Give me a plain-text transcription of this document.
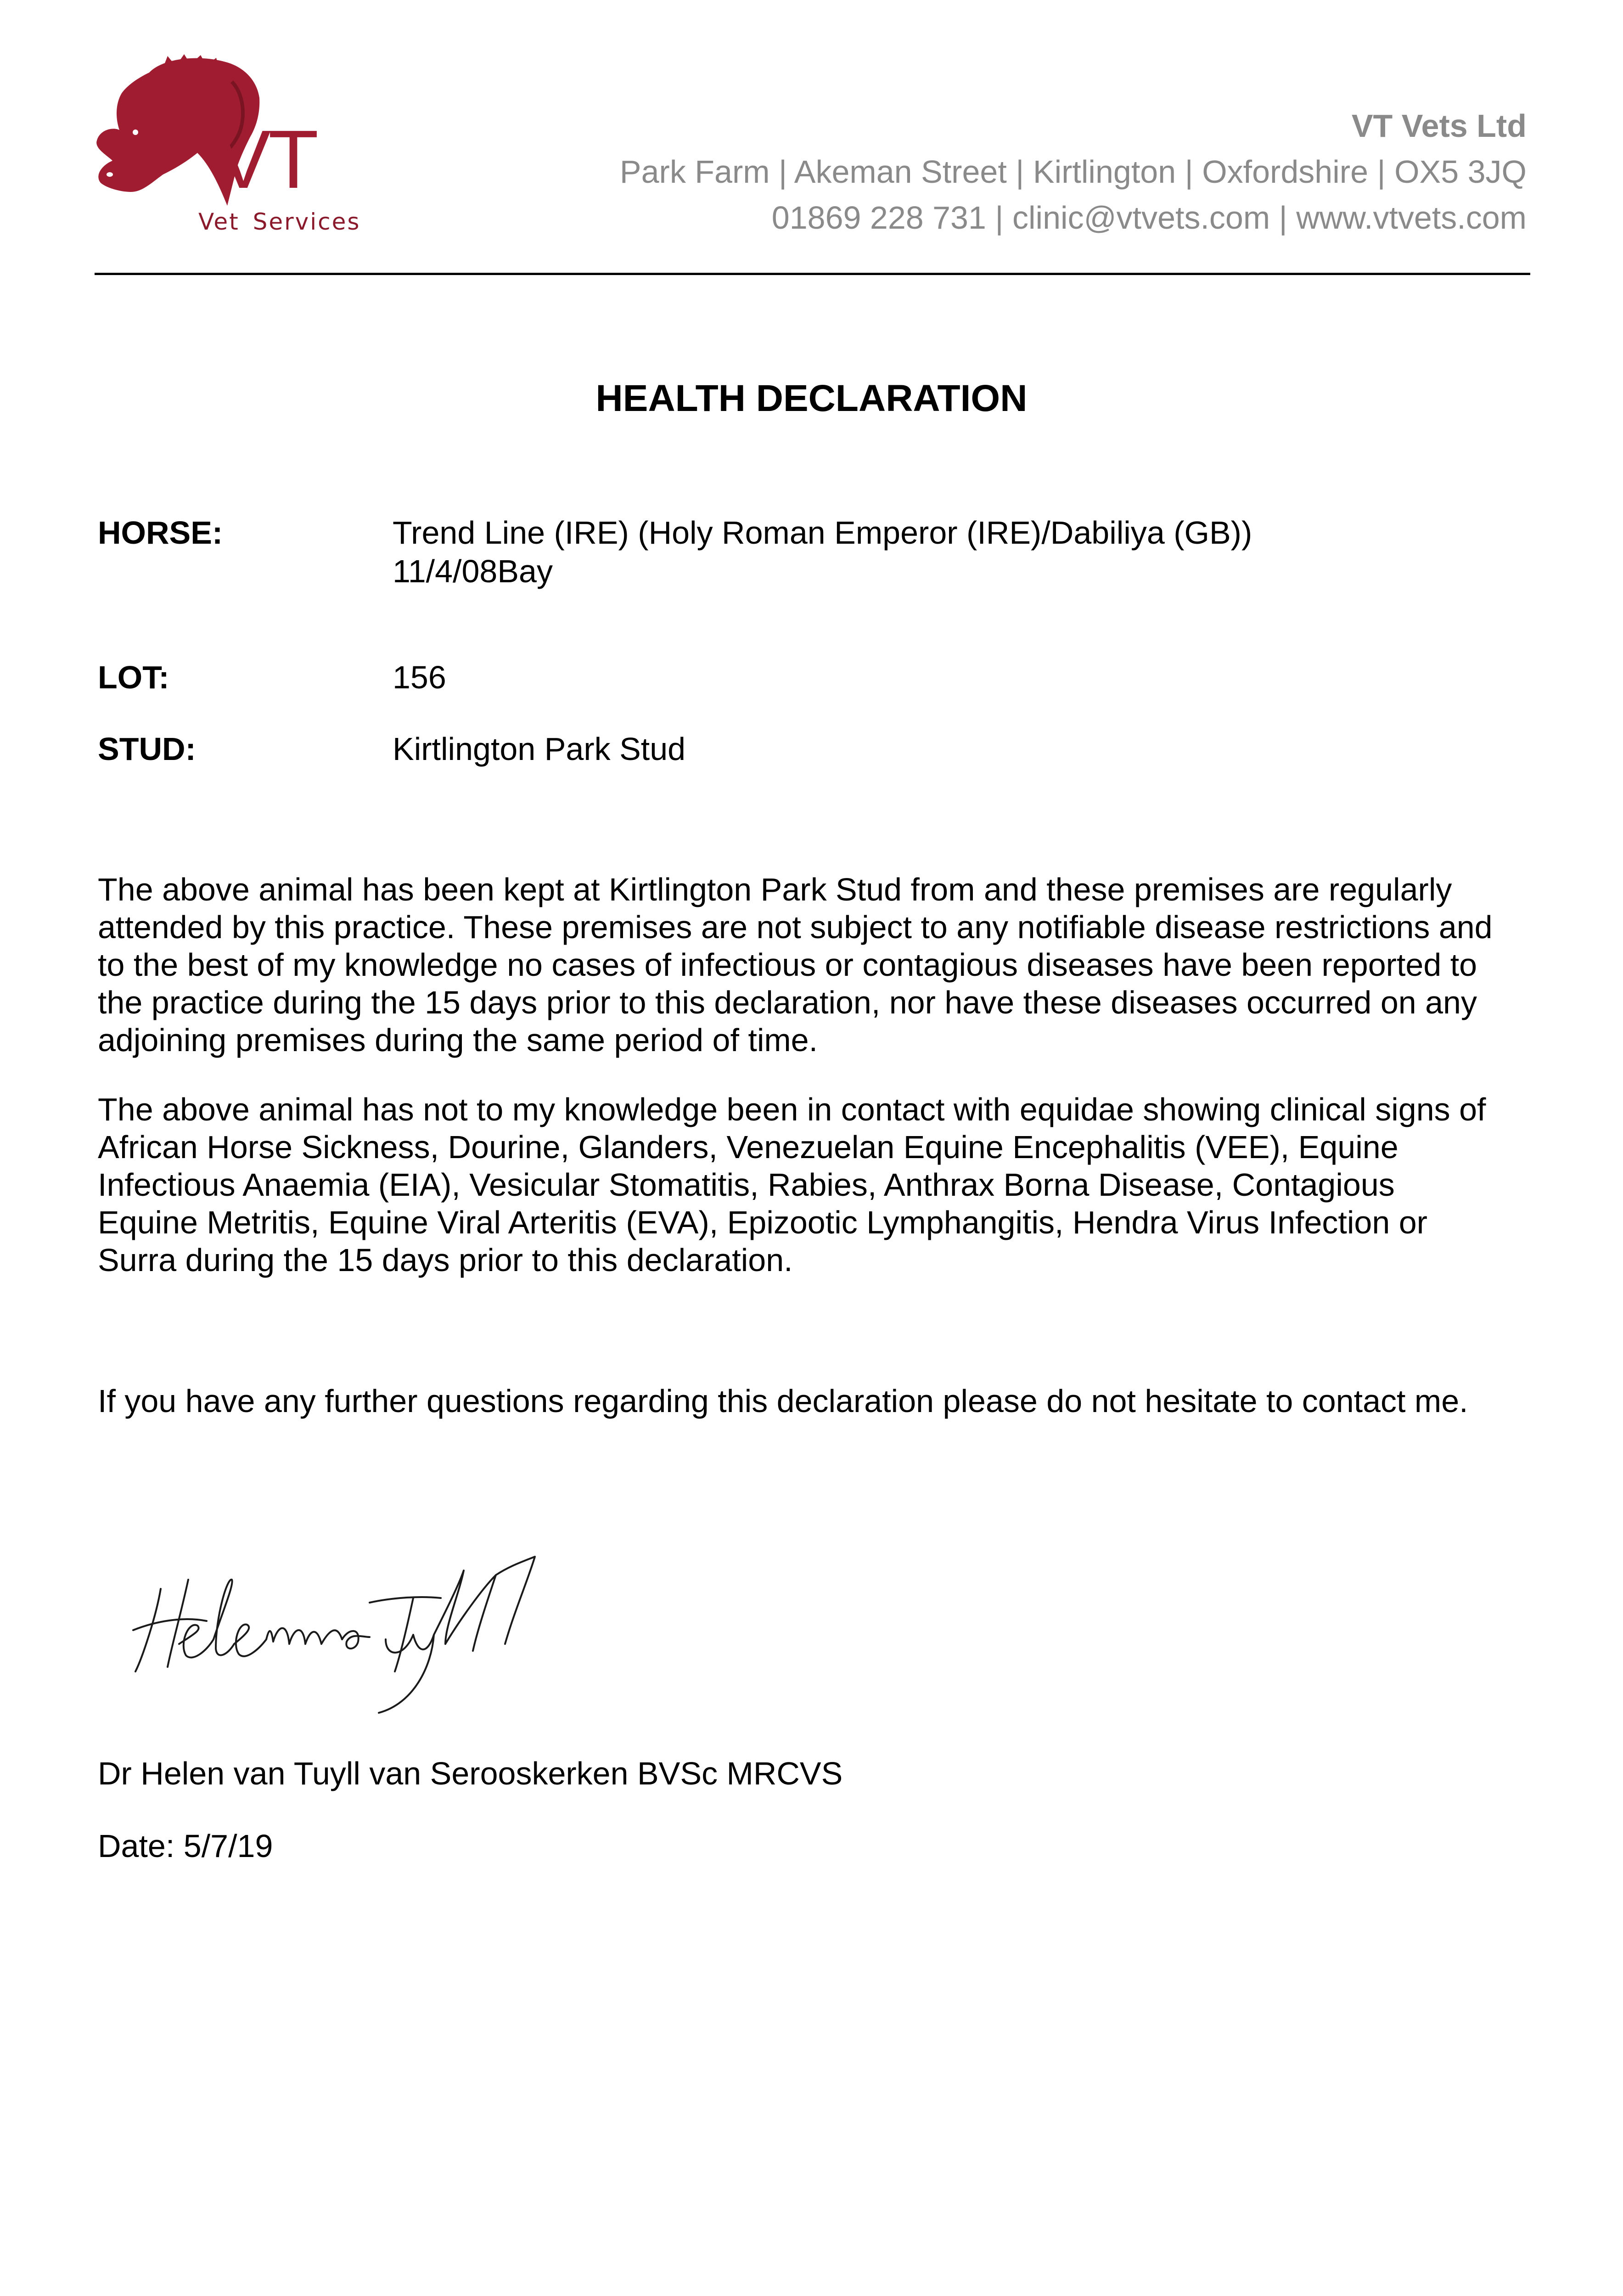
VT
Vet Services
VT Vets Ltd
Park Farm | Akeman Street | Kirtlington | Oxfordshire | OX5 3JQ
01869 228 731 | clinic@vtvets.com | www.vtvets.com
HEALTH DECLARATION
HORSE:	Trend Line (IRE) (Holy Roman Emperor (IRE)/Dabiliya (GB))
11/4/08Bay
LOT:	156
STUD:	Kirtlington Park Stud
The above animal has been kept at Kirtlington Park Stud from and these premises are regularly
attended by this practice. These premises are not subject to any notifiable disease restrictions and
to the best of my knowledge no cases of infectious or contagious diseases have been reported to
the practice during the 15 days prior to this declaration, nor have these diseases occurred on any
adjoining premises during the same period of time.
The above animal has not to my knowledge been in contact with equidae showing clinical signs of
African Horse Sickness, Dourine, Glanders, Venezuelan Equine Encephalitis (VEE), Equine
Infectious Anaemia (EIA), Vesicular Stomatitis, Rabies, Anthrax Borna Disease, Contagious
Equine Metritis, Equine Viral Arteritis (EVA), Epizootic Lymphangitis, Hendra Virus Infection or
Surra during the 15 days prior to this declaration.
If you have any further questions regarding this declaration please do not hesitate to contact me.
Dr Helen van Tuyll van Serooskerken BVSc MRCVS
Date: 5/7/19
